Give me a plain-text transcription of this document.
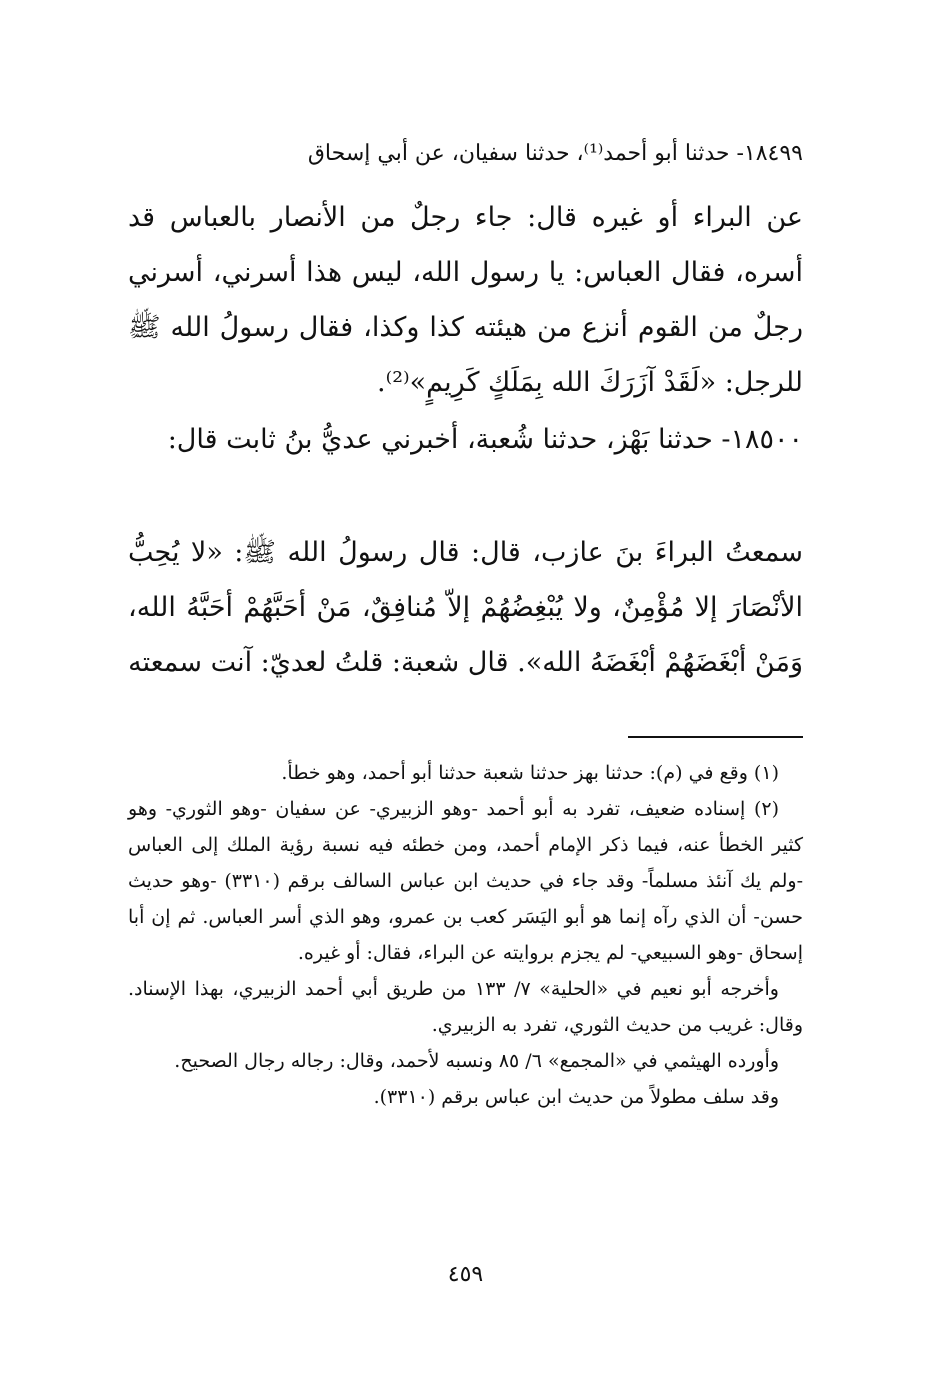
١٨٤٩٩- حدثنا أبو أحمد⁽¹⁾، حدثنا سفيان، عن أبي إسحاق

عن البراء أو غيره قال: جاء رجلٌ من الأنصار بالعباس قد أسره، فقال العباس: يا رسول الله، ليس هذا أسرني، أسرني رجلٌ من القوم أنزع من هيئته كذا وكذا، فقال رسولُ الله ﷺ للرجل: «لَقَدْ آزَرَكَ الله بِمَلَكٍ كَرِيمٍ»⁽²⁾.

١٨٥٠٠- حدثنا بَهْز، حدثنا شُعبة، أخبرني عديُّ بنُ ثابت قال:

سمعتُ البراءَ بنَ عازب، قال: قال رسولُ الله ﷺ: «لا يُحِبُّ الأنْصَارَ إلا مُؤْمِنٌ، ولا يُبْغِضُهُمْ إلاّ مُنافِقٌ، مَنْ أحَبَّهُمْ أحَبَّهُ الله، وَمَنْ أبْغَضَهُمْ أبْغَضَهُ الله». قال شعبة: قلتُ لعديّ: آنت سمعته

(١) وقع في (م): حدثنا بهز حدثنا شعبة حدثنا أبو أحمد، وهو خطأ.

(٢) إسناده ضعيف، تفرد به أبو أحمد -وهو الزبيري- عن سفيان -وهو الثوري- وهو كثير الخطأ عنه، فيما ذكر الإمام أحمد، ومن خطئه فيه نسبة رؤية الملك إلى العباس -ولم يك آنئذ مسلماً- وقد جاء في حديث ابن عباس السالف برقم (٣٣١٠) -وهو حديث حسن- أن الذي رآه إنما هو أبو اليَسَر كعب بن عمرو، وهو الذي أسر العباس. ثم إن أبا إسحاق -وهو السبيعي- لم يجزم بروايته عن البراء، فقال: أو غيره.

وأخرجه أبو نعيم في «الحلية» ٧/ ١٣٣ من طريق أبي أحمد الزبيري، بهذا الإسناد. وقال: غريب من حديث الثوري، تفرد به الزبيري.

وأورده الهيثمي في «المجمع» ٦/ ٨٥ ونسبه لأحمد، وقال: رجاله رجال الصحيح.

وقد سلف مطولاً من حديث ابن عباس برقم (٣٣١٠).

٤٥٩
